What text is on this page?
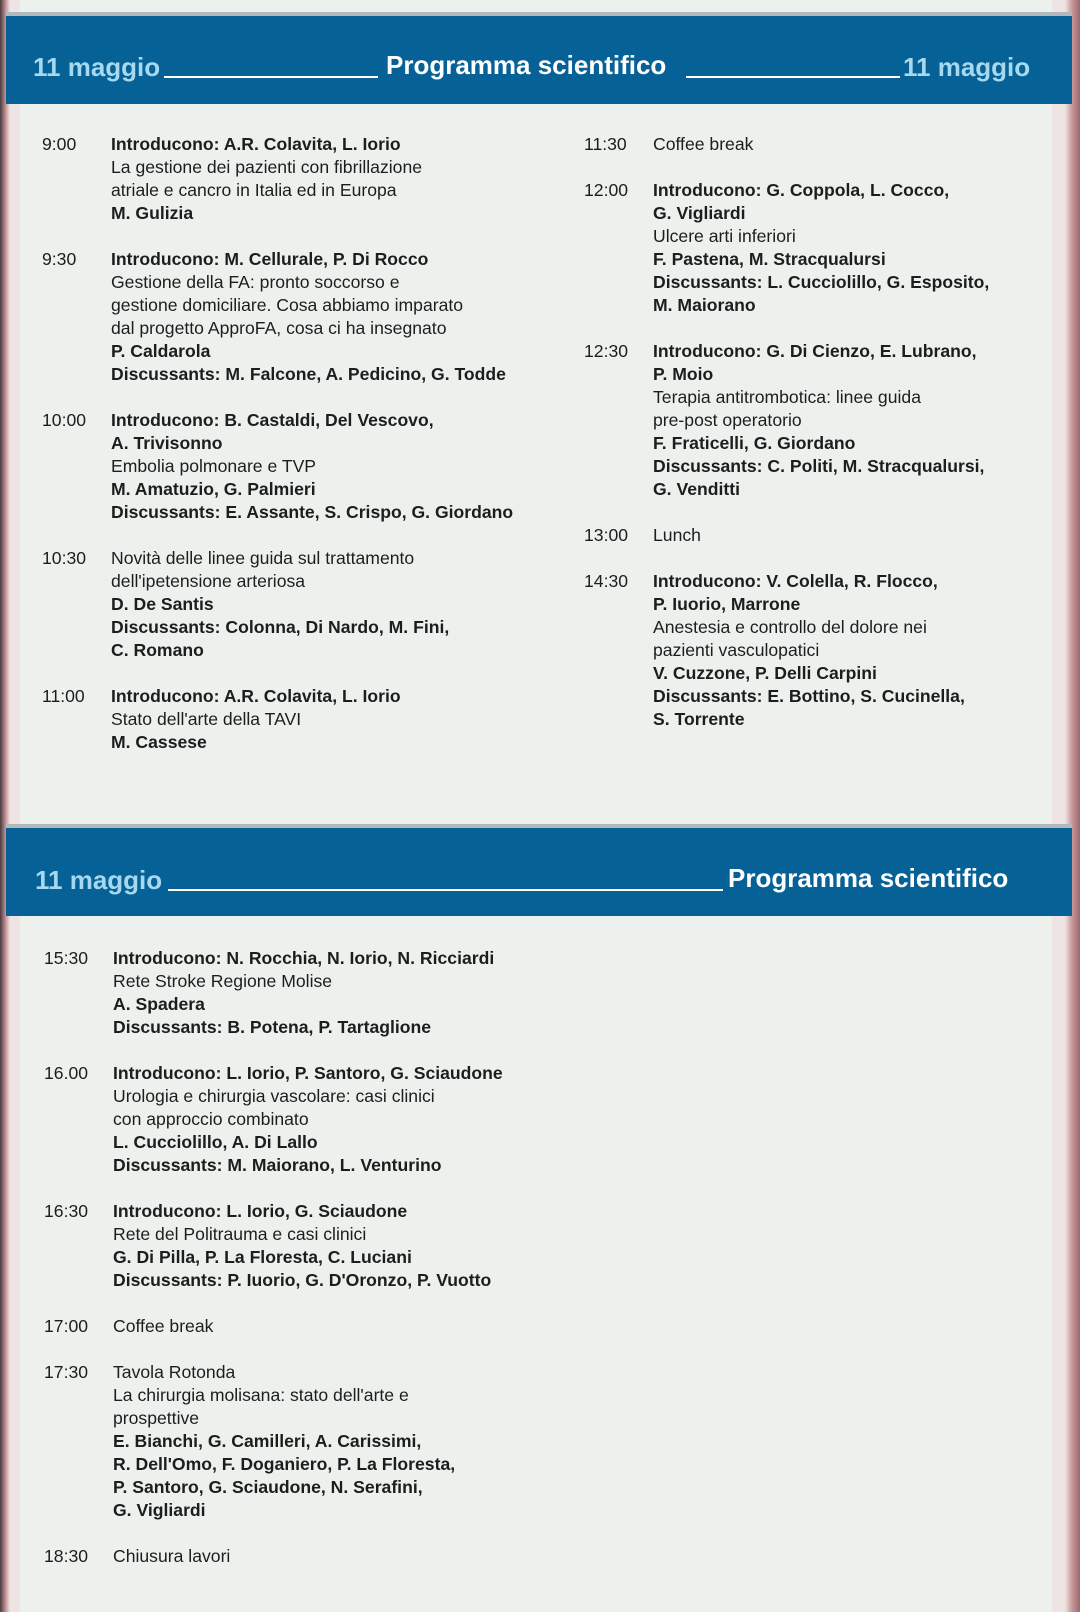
11 maggio	Programma scientifico	11 maggio
9:00	Introducono: A.R. Colavita, L. Iorio
La gestione dei pazienti con fibrillazione
atriale e cancro in Italia ed in Europa
M. Gulizia
9:30	Introducono: M. Cellurale, P. Di Rocco
Gestione della FA: pronto soccorso e
gestione domiciliare. Cosa abbiamo imparato
dal progetto ApproFA, cosa ci ha insegnato
P. Caldarola
Discussants: M. Falcone, A. Pedicino, G. Todde
10:00	Introducono: B. Castaldi, Del Vescovo,
A. Trivisonno
Embolia polmonare e TVP
M. Amatuzio, G. Palmieri
Discussants: E. Assante, S. Crispo, G. Giordano
10:30	Novità delle linee guida sul trattamento
dell'ipetensione arteriosa
D. De Santis
Discussants: Colonna, Di Nardo, M. Fini,
C. Romano
11:00	Introducono: A.R. Colavita, L. Iorio
Stato dell'arte della TAVI
M. Cassese
11:30	Coffee break
12:00	Introducono: G. Coppola, L. Cocco,
G. Vigliardi
Ulcere arti inferiori
F. Pastena, M. Stracqualursi
Discussants: L. Cucciolillo, G. Esposito,
M. Maiorano
12:30	Introducono: G. Di Cienzo, E. Lubrano,
P. Moio
Terapia antitrombotica: linee guida
pre-post operatorio
F. Fraticelli, G. Giordano
Discussants: C. Politi, M. Stracqualursi,
G. Venditti
13:00	Lunch
14:30	Introducono: V. Colella, R. Flocco,
P. Iuorio, Marrone
Anestesia e controllo del dolore nei
pazienti vasculopatici
V. Cuzzone, P. Delli Carpini
Discussants: E. Bottino, S. Cucinella,
S. Torrente
11 maggio	Programma scientifico
15:30	Introducono: N. Rocchia, N. Iorio, N. Ricciardi
Rete Stroke Regione Molise
A. Spadera
Discussants: B. Potena, P. Tartaglione
16.00	Introducono: L. Iorio, P. Santoro, G. Sciaudone
Urologia e chirurgia vascolare: casi clinici
con approccio combinato
L. Cucciolillo, A. Di Lallo
Discussants: M. Maiorano, L. Venturino
16:30	Introducono: L. Iorio, G. Sciaudone
Rete del Politrauma e casi clinici
G. Di Pilla, P. La Floresta, C. Luciani
Discussants: P. Iuorio, G. D'Oronzo, P. Vuotto
17:00	Coffee break
17:30	Tavola Rotonda
La chirurgia molisana: stato dell'arte e
prospettive
E. Bianchi, G. Camilleri, A. Carissimi,
R. Dell'Omo, F. Doganiero, P. La Floresta,
P. Santoro, G. Sciaudone, N. Serafini,
G. Vigliardi
18:30	Chiusura lavori
